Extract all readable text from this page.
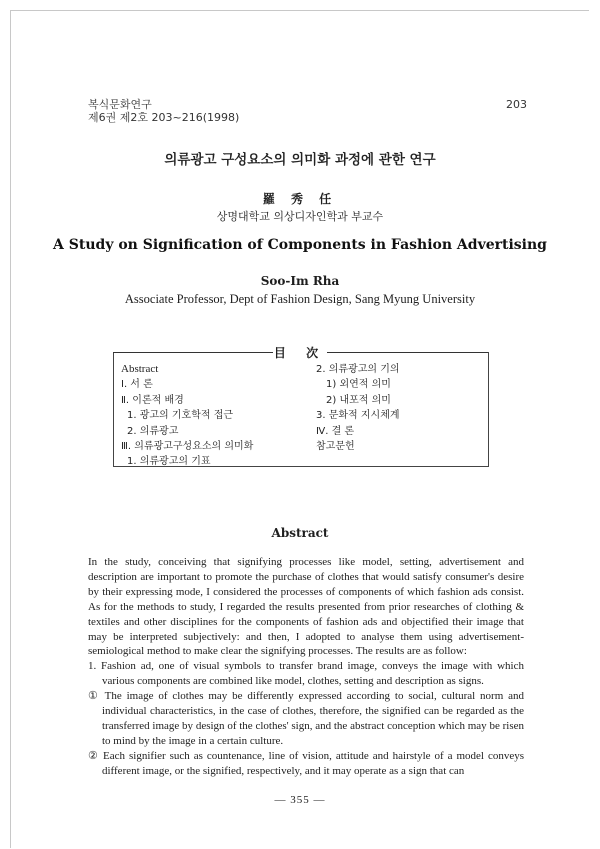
복식문화연구
제6권 제2호 203~216(1998)
203
의류광고 구성요소의 의미화 과정에 관한 연구
羅 秀 任
상명대학교 의상디자인학과 부교수
A Study on Signification of Components in Fashion Advertising
Soo-Im Rha
Associate Professor, Dept of Fashion Design, Sang Myung University
目 次
Abstract
Ⅰ. 서 론
Ⅱ. 이론적 배경
1. 광고의 기호학적 접근
2. 의류광고
Ⅲ. 의류광고구성요소의 의미화
1. 의류광고의 기표
2. 의류광고의 기의
1) 외연적 의미
2) 내포적 의미
3. 문화적 지시체계
Ⅳ. 결 론
참고문헌
Abstract

In the study, conceiving that signifying processes like model, setting, advertisement and description are important to promote the purchase of clothes that would satisfy consumer's desire by their expressing mode, I considered the processes of components of which fashion ads consist. As for the methods to study, I regarded the results presented from prior researches of clothing & textiles and other disciplines for the components of fashion ads and objectified their image that may be interpreted subjectively: and then, I adopted to analyse them using advertisement-semiological method to make clear the signifying processes. The results are as follow:

1. Fashion ad, one of visual symbols to transfer brand image, conveys the image with which various components are combined like model, clothes, setting and description as signs.

① The image of clothes may be differently expressed according to social, cultural norm and individual characteristics, in the case of clothes, therefore, the signified can be regarded as the transferred image by design of the clothes' sign, and the abstract conception which may be risen to mind by the image in a certain culture.

② Each signifier such as countenance, line of vision, attitude and hairstyle of a model conveys different image, or the signified, respectively, and it may operate as a sign that can

— 355 —
